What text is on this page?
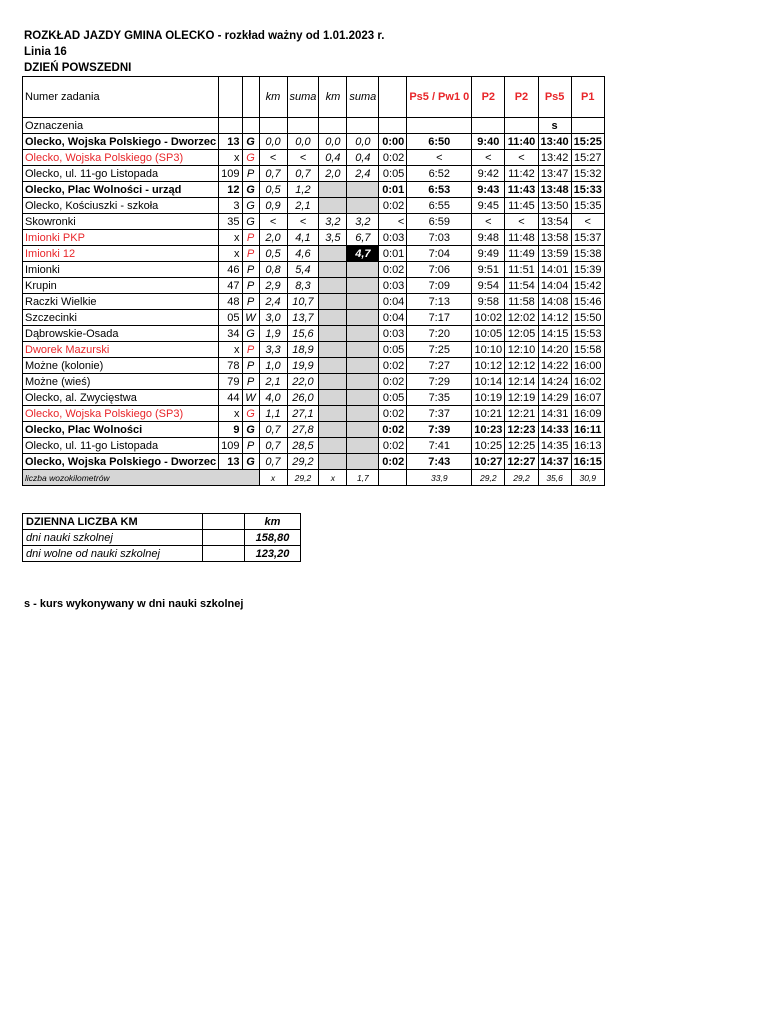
ROZKŁAD JAZDY GMINA OLECKO - rozkład ważny od 1.01.2023 r.
Linia 16
DZIEŃ POWSZEDNI
Numer zadania			km	suma	km	suma		Ps5 / Pw1 0	P2	P2	Ps5	P1
Oznaczenia											s	
Olecko, Wojska Polskiego - Dworzec	13	G	0,0	0,0	0,0	0,0	0:00	6:50	9:40	11:40	13:40	15:25
Olecko, Wojska Polskiego (SP3)	x	G	<	<	0,4	0,4	0:02	<	<	<	13:42	15:27
Olecko, ul. 11-go Listopada	109	P	0,7	0,7	2,0	2,4	0:05	6:52	9:42	11:42	13:47	15:32
Olecko, Plac Wolności - urząd	12	G	0,5	1,2			0:01	6:53	9:43	11:43	13:48	15:33
Olecko, Kościuszki - szkoła	3	G	0,9	2,1			0:02	6:55	9:45	11:45	13:50	15:35
Skowronki	35	G	<	<	3,2	3,2	<	6:59	<	<	13:54	<
Imionki PKP	x	P	2,0	4,1	3,5	6,7	0:03	7:03	9:48	11:48	13:58	15:37
Imionki 12	x	P	0,5	4,6		4,7	0:01	7:04	9:49	11:49	13:59	15:38
Imionki	46	P	0,8	5,4			0:02	7:06	9:51	11:51	14:01	15:39
Krupin	47	P	2,9	8,3			0:03	7:09	9:54	11:54	14:04	15:42
Raczki Wielkie	48	P	2,4	10,7			0:04	7:13	9:58	11:58	14:08	15:46
Szczecinki	05	W	3,0	13,7			0:04	7:17	10:02	12:02	14:12	15:50
Dąbrowskie-Osada	34	G	1,9	15,6			0:03	7:20	10:05	12:05	14:15	15:53
Dworek Mazurski	x	P	3,3	18,9			0:05	7:25	10:10	12:10	14:20	15:58
Możne (kolonie)	78	P	1,0	19,9			0:02	7:27	10:12	12:12	14:22	16:00
Możne (wieś)	79	P	2,1	22,0			0:02	7:29	10:14	12:14	14:24	16:02
Olecko, al. Zwycięstwa	44	W	4,0	26,0			0:05	7:35	10:19	12:19	14:29	16:07
Olecko, Wojska Polskiego (SP3)	x	G	1,1	27,1			0:02	7:37	10:21	12:21	14:31	16:09
Olecko, Plac Wolności	9	G	0,7	27,8			0:02	7:39	10:23	12:23	14:33	16:11
Olecko, ul. 11-go Listopada	109	P	0,7	28,5			0:02	7:41	10:25	12:25	14:35	16:13
Olecko, Wojska Polskiego - Dworzec	13	G	0,7	29,2			0:02	7:43	10:27	12:27	14:37	16:15
liczba wozokilometrów			x	29,2	x	1,7		33,9	29,2	29,2	35,6	30,9
DZIENNA LICZBA KM		km
dni nauki szkolnej		158,80
dni wolne od nauki szkolnej		123,20
s - kurs wykonywany w dni nauki szkolnej
